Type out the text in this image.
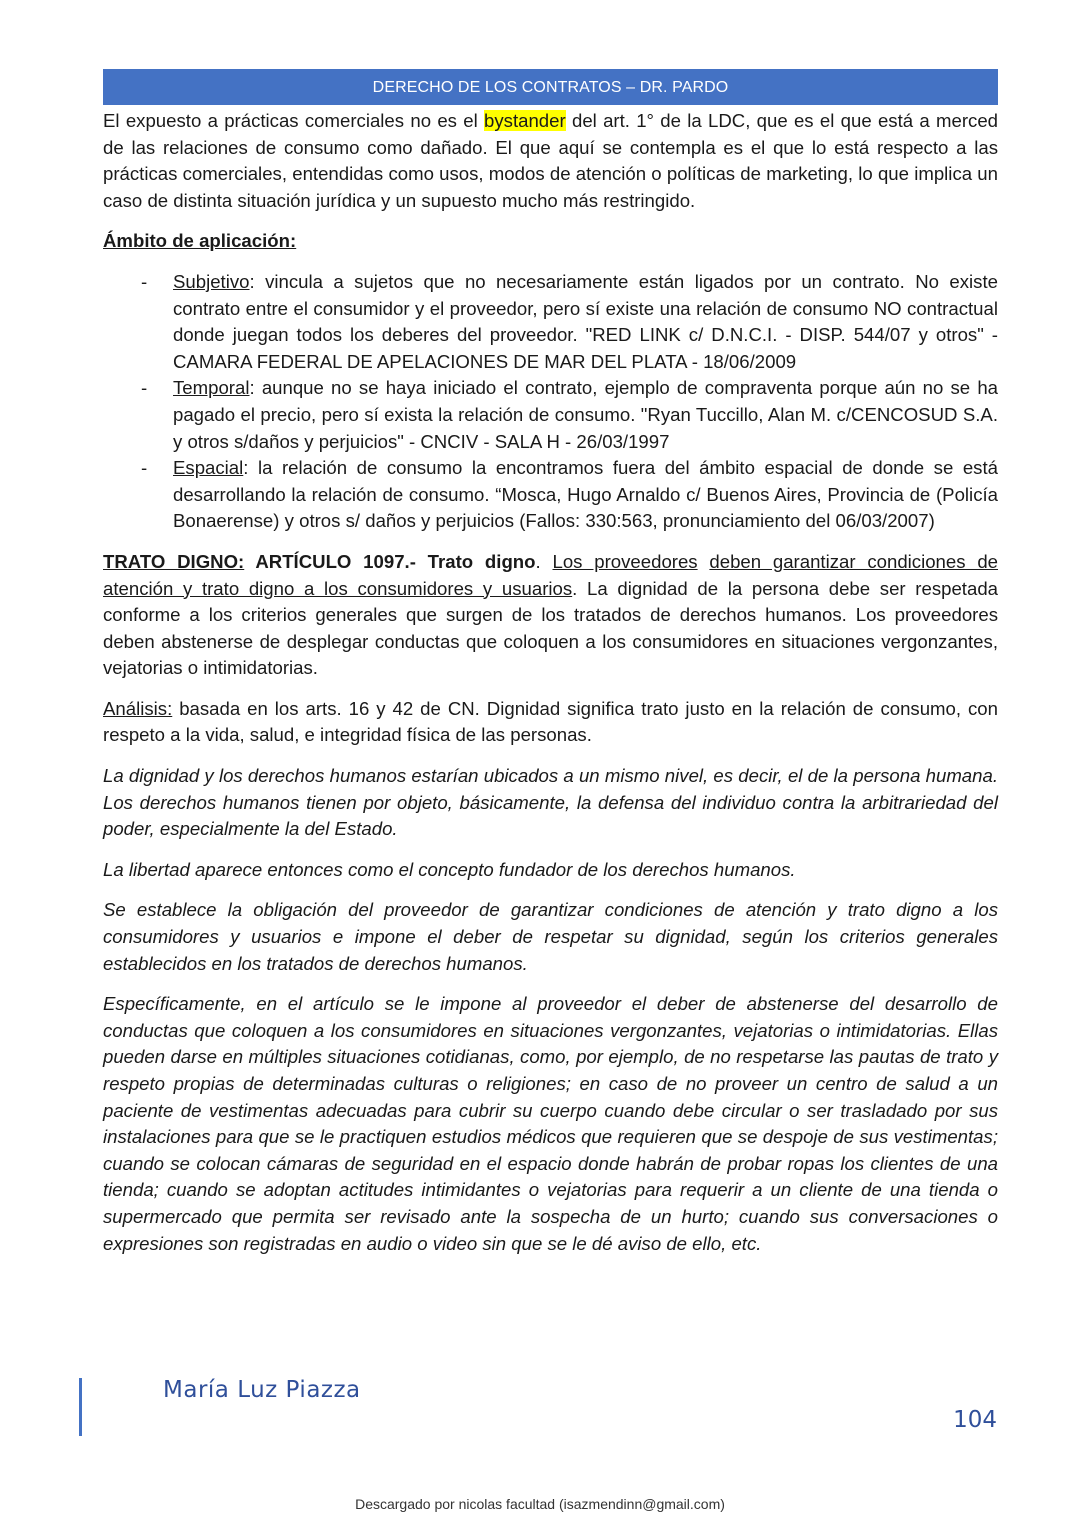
DERECHO DE LOS CONTRATOS – DR. PARDO

El expuesto a prácticas comerciales no es el bystander del art. 1° de la LDC, que es el que está a merced de las relaciones de consumo como dañado. El que aquí se contempla es el que lo está respecto a las prácticas comerciales, entendidas como usos, modos de atención o políticas de marketing, lo que implica un caso de distinta situación jurídica y un supuesto mucho más restringido.

Ámbito de aplicación:

- Subjetivo: vincula a sujetos que no necesariamente están ligados por un contrato. No existe contrato entre el consumidor y el proveedor, pero sí existe una relación de consumo NO contractual donde juegan todos los deberes del proveedor. "RED LINK c/ D.N.C.I. - DISP. 544/07 y otros" - CAMARA FEDERAL DE APELACIONES DE MAR DEL PLATA - 18/06/2009
- Temporal: aunque no se haya iniciado el contrato, ejemplo de compraventa porque aún no se ha pagado el precio, pero sí exista la relación de consumo. "Ryan Tuccillo, Alan M. c/CENCOSUD S.A. y otros s/daños y perjuicios" - CNCIV - SALA H - 26/03/1997
- Espacial: la relación de consumo la encontramos fuera del ámbito espacial de donde se está desarrollando la relación de consumo. “Mosca, Hugo Arnaldo c/ Buenos Aires, Provincia de (Policía Bonaerense) y otros s/ daños y perjuicios (Fallos: 330:563, pronunciamiento del 06/03/2007)

TRATO DIGNO: ARTÍCULO 1097.- Trato digno. Los proveedores deben garantizar condiciones de atención y trato digno a los consumidores y usuarios. La dignidad de la persona debe ser respetada conforme a los criterios generales que surgen de los tratados de derechos humanos. Los proveedores deben abstenerse de desplegar conductas que coloquen a los consumidores en situaciones vergonzantes, vejatorias o intimidatorias.

Análisis: basada en los arts. 16 y 42 de CN. Dignidad significa trato justo en la relación de consumo, con respeto a la vida, salud, e integridad física de las personas.

La dignidad y los derechos humanos estarían ubicados a un mismo nivel, es decir, el de la persona humana. Los derechos humanos tienen por objeto, básicamente, la defensa del individuo contra la arbitrariedad del poder, especialmente la del Estado.

La libertad aparece entonces como el concepto fundador de los derechos humanos.

Se establece la obligación del proveedor de garantizar condiciones de atención y trato digno a los consumidores y usuarios e impone el deber de respetar su dignidad, según los criterios generales establecidos en los tratados de derechos humanos.

Específicamente, en el artículo se le impone al proveedor el deber de abstenerse del desarrollo de conductas que coloquen a los consumidores en situaciones vergonzantes, vejatorias o intimidatorias. Ellas pueden darse en múltiples situaciones cotidianas, como, por ejemplo, de no respetarse las pautas de trato y respeto propias de determinadas culturas o religiones; en caso de no proveer un centro de salud a un paciente de vestimentas adecuadas para cubrir su cuerpo cuando debe circular o ser trasladado por sus instalaciones para que se le practiquen estudios médicos que requieren que se despoje de sus vestimentas; cuando se colocan cámaras de seguridad en el espacio donde habrán de probar ropas los clientes de una tienda; cuando se adoptan actitudes intimidantes o vejatorias para requerir a un cliente de una tienda o supermercado que permita ser revisado ante la sospecha de un hurto; cuando sus conversaciones o expresiones son registradas en audio o video sin que se le dé aviso de ello, etc.

María Luz Piazza
104
Descargado por nicolas facultad (isazmendinn@gmail.com)
